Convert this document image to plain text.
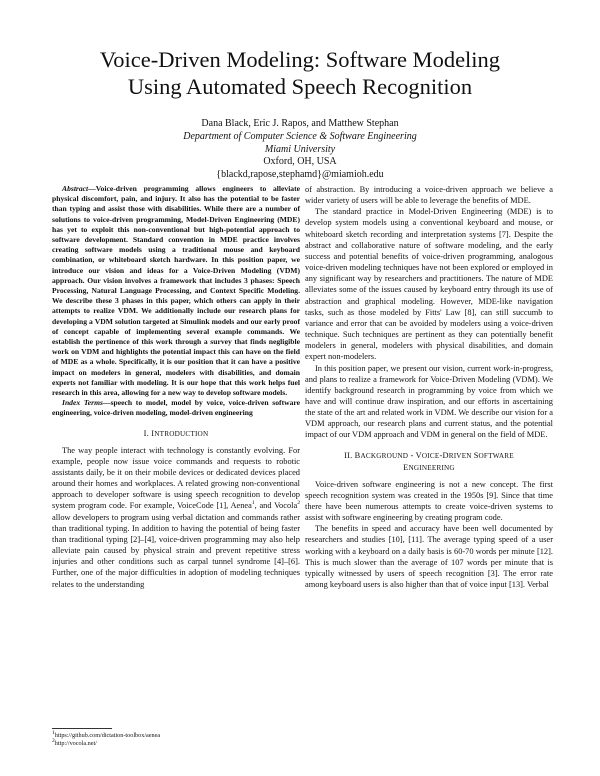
Voice-Driven Modeling: Software Modeling
Using Automated Speech Recognition
Dana Black, Eric J. Rapos, and Matthew Stephan
Department of Computer Science & Software Engineering
Miami University
Oxford, OH, USA
{blackd,rapose,stephamd}@miamioh.edu

Abstract—Voice-driven programming allows engineers to alleviate physical discomfort, pain, and injury. It also has the potential to be faster than typing and assist those with disabilities. While there are a number of solutions to voice-driven programming, Model-Driven Engineering (MDE) has yet to exploit this non-conventional but high-potential approach to software development. Standard convention in MDE practice involves creating software models using a traditional mouse and keyboard combination, or whiteboard sketch hardware. In this position paper, we introduce our vision and ideas for a Voice-Driven Modeling (VDM) approach. Our vision involves a framework that includes 3 phases: Speech Processing, Natural Language Processing, and Context Specific Modeling. We describe these 3 phases in this paper, which others can apply in their attempts to realize VDM. We additionally include our research plans for developing a VDM solution targeted at Simulink models and our early proof of concept capable of implementing several example commands. We establish the pertinence of this work through a survey that finds negligible work on VDM and highlights the potential impact this can have on the field of MDE as a whole. Specifically, it is our position that it can have a positive impact on modelers in general, modelers with disabilities, and domain experts not familiar with modeling. It is our hope that this work helps fuel research in this area, allowing for a new way to develop software models.

Index Terms—speech to model, model by voice, voice-driven software engineering, voice-driven modeling, model-driven engineering

I. INTRODUCTION

The way people interact with technology is constantly evolving. For example, people now issue voice commands and requests to robotic assistants daily, be it on their mobile devices or dedicated devices placed around their homes and workplaces. A related growing non-conventional approach to developer software is using speech recognition to develop system program code. For example, VoiceCode [1], Aenea$^1$, and Vocola$^2$ allow developers to program using verbal dictation and commands rather than traditional typing. In addition to having the potential of being faster than traditional typing [2]–[4], voice-driven programming may also help alleviate pain caused by physical strain and prevent repetitive stress injuries and other conditions such as carpal tunnel syndrome [4]–[6]. Further, one of the major difficulties in adoption of modeling techniques relates to the understanding

$^1$https://github.com/dictation-toolbox/aenea
$^2$http://vocola.net/

of abstraction. By introducing a voice-driven approach we believe a wider variety of users will be able to leverage the benefits of MDE.

The standard practice in Model-Driven Engineering (MDE) is to develop system models using a conventional keyboard and mouse, or whiteboard sketch recording and interpretation systems [7]. Despite the abstract and collaborative nature of software modeling, and the early success and potential benefits of voice-driven programming, analogous voice-driven modeling techniques have not been explored or employed in any significant way by researchers and practitioners. The nature of MDE alleviates some of the issues caused by keyboard entry through its use of abstraction and graphical modeling. However, MDE-like navigation tasks, such as those modeled by Fitts' Law [8], can still succumb to variance and error that can be avoided by modelers using a voice-driven technique. Such techniques are pertinent as they can potentially benefit modelers in general, modelers with physical disabilities, and domain expert non-modelers.

In this position paper, we present our vision, current work-in-progress, and plans to realize a framework for Voice-Driven Modeling (VDM). We identify background research in programming by voice from which we have and will continue draw inspiration, and our efforts in ascertaining the state of the art and related work in VDM. We describe our vision for a VDM approach, our research plans and current status, and the potential impact of our VDM approach and VDM in general on the field of MDE.

II. BACKGROUND - VOICE-DRIVEN SOFTWARE
ENGINEERING

Voice-driven software engineering is not a new concept. The first speech recognition system was created in the 1950s [9]. Since that time there have been numerous attempts to create voice-driven systems to assist with software engineering by creating program code.

The benefits in speed and accuracy have been well documented by researchers and studies [10], [11]. The average typing speed of a user working with a keyboard on a daily basis is 60-70 words per minute [12]. This is much slower than the average of 107 words per minute that is typically witnessed by users of speech recognition [3]. The error rate among keyboard users is also higher than that of voice input [13]. Verbal
